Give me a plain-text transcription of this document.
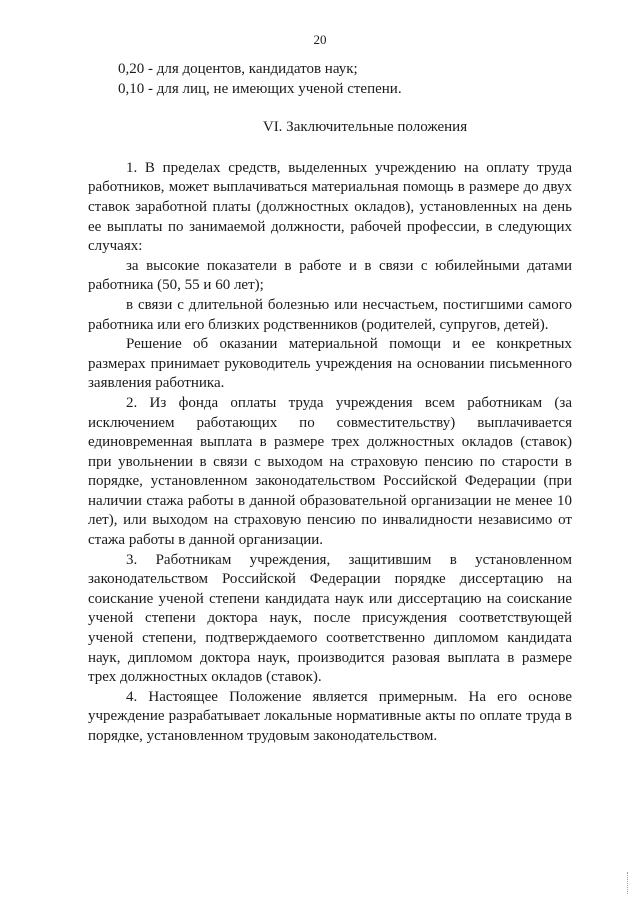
20
0,20 - для доцентов, кандидатов наук;
0,10 - для лиц, не имеющих ученой степени.
VI. Заключительные положения

1. В пределах средств, выделенных учреждению на оплату труда работников, может выплачиваться материальная помощь в размере до двух ставок заработной платы (должностных окладов), установленных на день ее выплаты по занимаемой должности, рабочей профессии, в следующих случаях:

за высокие показатели в работе и в связи с юбилейными датами работника (50, 55 и 60 лет);

в связи с длительной болезнью или несчастьем, постигшими самого работника или его близких родственников (родителей, супругов, детей).

Решение об оказании материальной помощи и ее конкретных размерах принимает руководитель учреждения на основании письменного заявления работника.

2. Из фонда оплаты труда учреждения всем работникам (за исключением работающих по совместительству) выплачивается единовременная выплата в размере трех должностных окладов (ставок) при увольнении в связи с выходом на страховую пенсию по старости в порядке, установленном законодательством Российской Федерации (при наличии стажа работы в данной образовательной организации не менее 10 лет), или выходом на страховую пенсию по инвалидности независимо от стажа работы в данной организации.

3. Работникам учреждения, защитившим в установленном законодательством Российской Федерации порядке диссертацию на соискание ученой степени кандидата наук или диссертацию на соискание ученой степени доктора наук, после присуждения соответствующей ученой степени, подтверждаемого соответственно дипломом кандидата наук, дипломом доктора наук, производится разовая выплата в размере трех должностных окладов (ставок).

4. Настоящее Положение является примерным. На его основе учреждение разрабатывает локальные нормативные акты по оплате труда в порядке, установленном трудовым законодательством.
